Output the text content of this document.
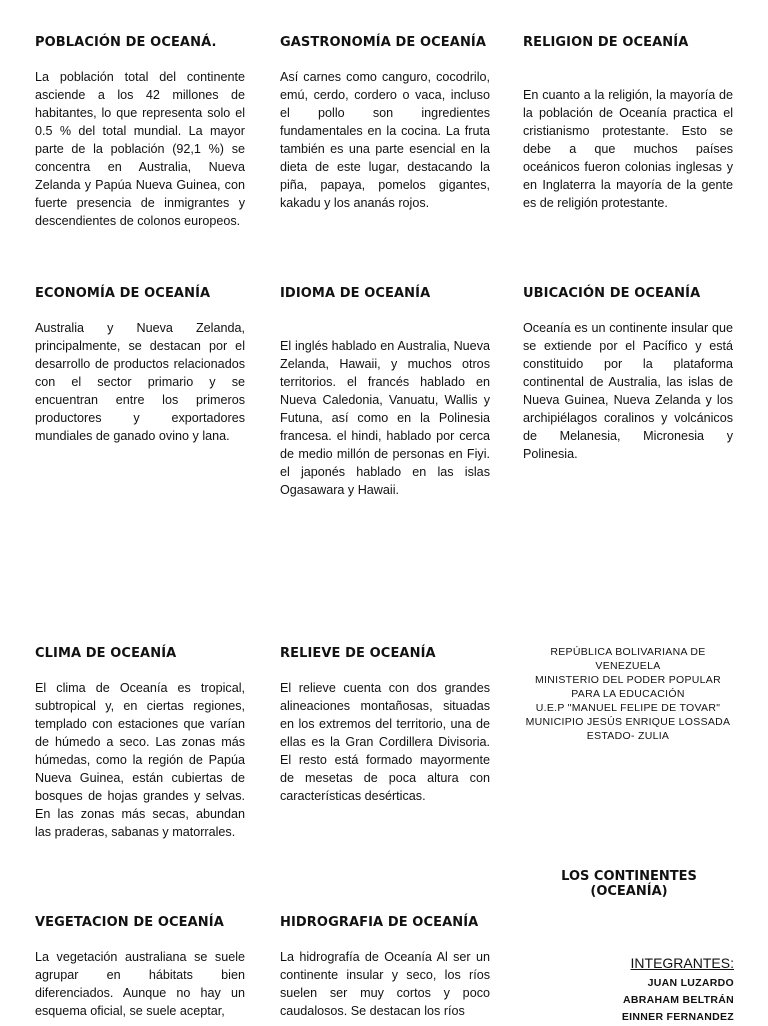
POBLACIÓN DE OCEANÁ.

La población total del continente asciende a los 42 millones de habitantes, lo que representa solo el 0.5 % del total mundial. La mayor parte de la población (92,1 %) se concentra en Australia, Nueva Zelanda y Papúa Nueva Guinea, con fuerte presencia de inmigrantes y descendientes de colonos europeos.

GASTRONOMÍA DE OCEANÍA

Así carnes como canguro, cocodrilo, emú, cerdo, cordero o vaca, incluso el pollo son ingredientes fundamentales en la cocina. La fruta también es una parte esencial en la dieta de este lugar, destacando la piña, papaya, pomelos gigantes, kakadu y los ananás rojos.

RELIGION DE OCEANÍA

En cuanto a la religión, la mayoría de la población de Oceanía practica el cristianismo protestante. Esto se debe a que muchos países oceánicos fueron colonias inglesas y en Inglaterra la mayoría de la gente es de religión protestante.

ECONOMÍA DE OCEANÍA

Australia y Nueva Zelanda, principalmente, se destacan por el desarrollo de productos relacionados con el sector primario y se encuentran entre los primeros productores y exportadores mundiales de ganado ovino y lana.

IDIOMA DE OCEANÍA

El inglés hablado en Australia, Nueva Zelanda, Hawaii, y muchos otros territorios. el francés hablado en Nueva Caledonia, Vanuatu, Wallis y Futuna, así como en la Polinesia francesa. el hindi, hablado por cerca de medio millón de personas en Fiyi. el japonés hablado en las islas Ogasawara y Hawaii.

UBICACIÓN DE OCEANÍA

Oceanía es un continente insular que se extiende por el Pacífico y está constituido por la plataforma continental de Australia, las islas de Nueva Guinea, Nueva Zelanda y los archipiélagos coralinos y volcánicos de Melanesia, Micronesia y Polinesia.

CLIMA DE OCEANÍA

El clima de Oceanía es tropical, subtropical y, en ciertas regiones, templado con estaciones que varían de húmedo a seco. Las zonas más húmedas, como la región de Papúa Nueva Guinea, están cubiertas de bosques de hojas grandes y selvas. En las zonas más secas, abundan las praderas, sabanas y matorrales.

RELIEVE DE OCEANÍA

El relieve cuenta con dos grandes alineaciones montañosas, situadas en los extremos del territorio, una de ellas es la Gran Cordillera Divisoria. El resto está formado mayormente de mesetas de poca altura con características desérticas.

REPÚBLICA BOLIVARIANA DE
VENEZUELA
MINISTERIO DEL PODER POPULAR
PARA LA EDUCACIÓN
U.E.P "MANUEL FELIPE DE TOVAR"
MUNICIPIO JESÚS ENRIQUE LOSSADA
ESTADO- ZULIA
LOS CONTINENTES (OCEANÍA)
VEGETACION DE OCEANÍA

La vegetación australiana se suele agrupar en hábitats bien diferenciados. Aunque no hay un esquema oficial, se suele aceptar,

HIDROGRAFIA DE OCEANÍA

La hidrografía de Oceanía Al ser un continente insular y seco, los ríos suelen ser muy cortos y poco caudalosos. Se destacan los ríos

INTEGRANTES:
JUAN LUZARDO
ABRAHAM BELTRÁN
EINNER FERNANDEZ
